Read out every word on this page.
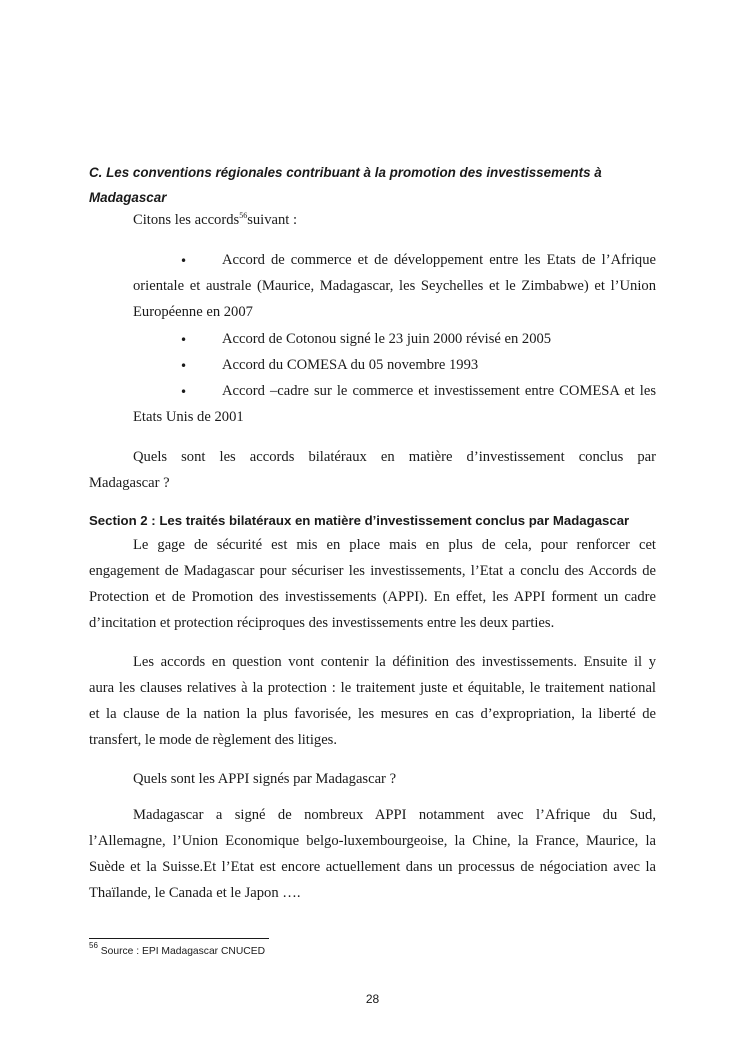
C. Les conventions régionales contribuant à la promotion des investissements à
Madagascar
Citons les accords$^{56}$suivant :
• Accord de commerce et de développement entre les Etats de l’Afrique
orientale et australe (Maurice, Madagascar, les Seychelles et le Zimbabwe) et l’Union
Européenne en 2007
• Accord de Cotonou signé le 23 juin 2000 révisé en 2005
• Accord du COMESA du 05 novembre 1993
• Accord –cadre sur le commerce et investissement entre COMESA et les
Etats Unis de 2001
Quels sont les accords bilatéraux en matière d’investissement conclus par
Madagascar ?
Section 2 : Les traités bilatéraux en matière d’investissement conclus par Madagascar
Le gage de sécurité est mis en place mais en plus de cela, pour renforcer cet
engagement de Madagascar pour sécuriser les investissements, l’Etat a conclu des Accords de
Protection et de Promotion des investissements (APPI). En effet, les APPI forment un cadre
d’incitation et protection réciproques des investissements entre les deux parties.
Les accords en question vont contenir la définition des investissements. Ensuite il y
aura les clauses relatives à la protection : le traitement juste et équitable, le traitement national
et la clause de la nation la plus favorisée, les mesures en cas d’expropriation, la liberté de
transfert, le mode de règlement des litiges.
Quels sont les APPI signés par Madagascar ?
Madagascar a signé de nombreux APPI notamment avec l’Afrique du Sud,
l’Allemagne, l’Union Economique belgo-luxembourgeoise, la Chine, la France, Maurice, la
Suède et la Suisse.Et l’Etat est encore actuellement dans un processus de négociation avec la
Thaïlande, le Canada et le Japon ….
$^{56}$ Source : EPI Madagascar CNUCED
28
